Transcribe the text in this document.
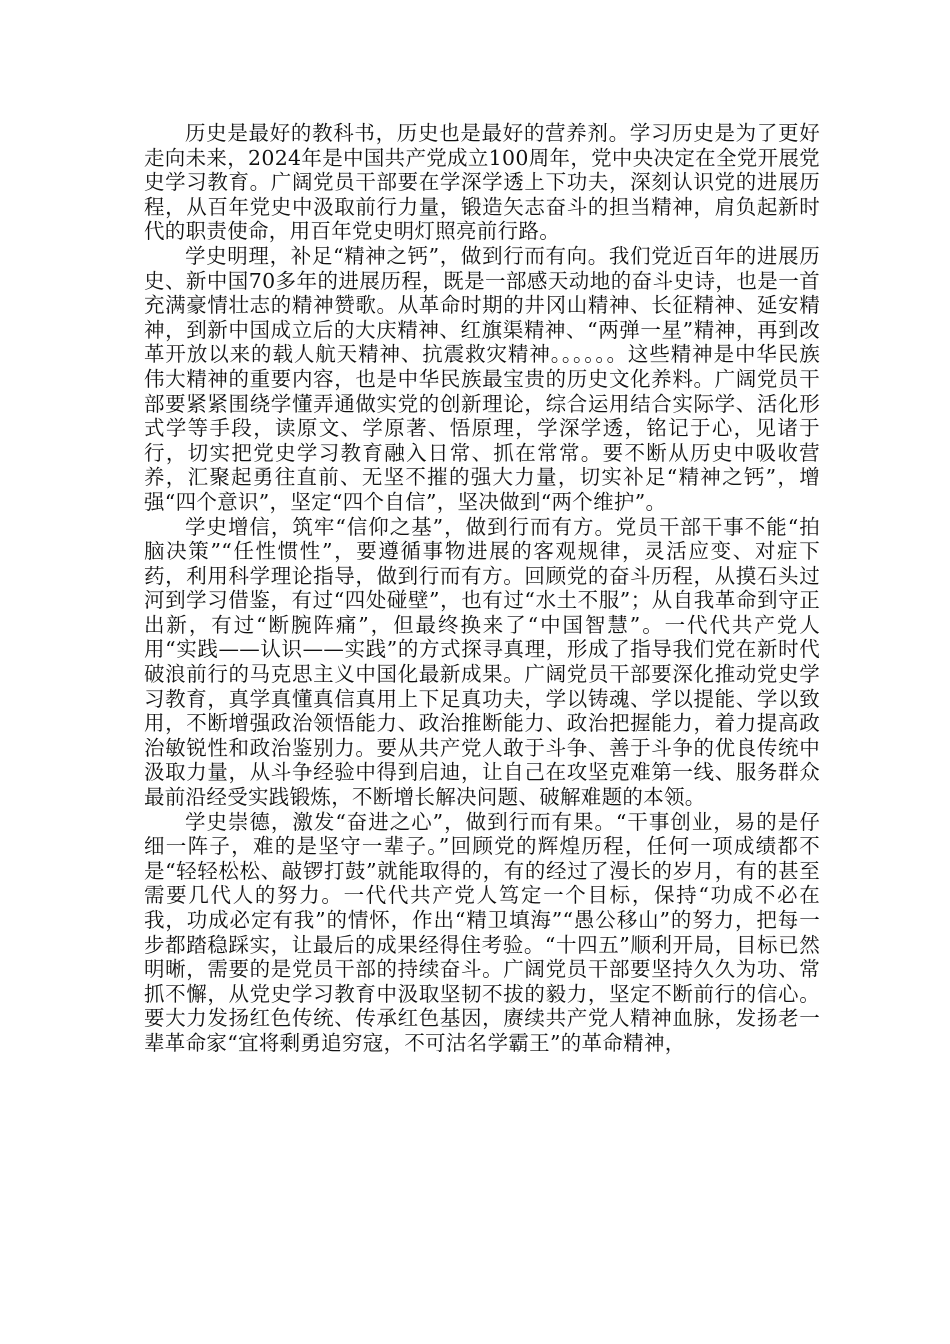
历史是最好的教科书，历史也是最好的营养剂。学习历史是为了更好走向未来，2024年是中国共产党成立100周年，党中央决定在全党开展党史学习教育。广阔党员干部要在学深学透上下功夫，深刻认识党的进展历程，从百年党史中汲取前行力量，锻造矢志奋斗的担当精神，肩负起新时代的职责使命，用百年党史明灯照亮前行路。

学史明理，补足“精神之钙”，做到行而有向。我们党近百年的进展历史、新中国70多年的进展历程，既是一部感天动地的奋斗史诗，也是一首充满豪情壮志的精神赞歌。从革命时期的井冈山精神、长征精神、延安精神，到新中国成立后的大庆精神、红旗渠精神、“两弹一星”精神，再到改革开放以来的载人航天精神、抗震救灾精神。。。。。。这些精神是中华民族伟大精神的重要内容，也是中华民族最宝贵的历史文化养料。广阔党员干部要紧紧围绕学懂弄通做实党的创新理论，综合运用结合实际学、活化形式学等手段，读原文、学原著、悟原理，学深学透，铭记于心，见诸于行，切实把党史学习教育融入日常、抓在常常。要不断从历史中吸收营养，汇聚起勇往直前、无坚不摧的强大力量，切实补足“精神之钙”，增强“四个意识”，坚定“四个自信”，坚决做到“两个维护”。

学史增信，筑牢“信仰之基”，做到行而有方。党员干部干事不能“拍脑决策”“任性惯性”，要遵循事物进展的客观规律，灵活应变、对症下药，利用科学理论指导，做到行而有方。回顾党的奋斗历程，从摸石头过河到学习借鉴，有过“四处碰壁”，也有过“水土不服”；从自我革命到守正出新，有过“断腕阵痛”，但最终换来了“中国智慧”。一代代共产党人用“实践——认识——实践”的方式探寻真理，形成了指导我们党在新时代破浪前行的马克思主义中国化最新成果。广阔党员干部要深化推动党史学习教育，真学真懂真信真用上下足真功夫，学以铸魂、学以提能、学以致用，不断增强政治领悟能力、政治推断能力、政治把握能力，着力提高政治敏锐性和政治鉴别力。要从共产党人敢于斗争、善于斗争的优良传统中汲取力量，从斗争经验中得到启迪，让自己在攻坚克难第一线、服务群众最前沿经受实践锻炼，不断增长解决问题、破解难题的本领。

学史崇德，激发“奋进之心”，做到行而有果。“干事创业，易的是仔细一阵子，难的是坚守一辈子。”回顾党的辉煌历程，任何一项成绩都不是“轻轻松松、敲锣打鼓”就能取得的，有的经过了漫长的岁月，有的甚至需要几代人的努力。一代代共产党人笃定一个目标，保持“功成不必在我，功成必定有我”的情怀，作出“精卫填海”“愚公移山”的努力，把每一步都踏稳踩实，让最后的成果经得住考验。“十四五”顺利开局，目标已然明晰，需要的是党员干部的持续奋斗。广阔党员干部要坚持久久为功、常抓不懈，从党史学习教育中汲取坚韧不拔的毅力，坚定不断前行的信心。要大力发扬红色传统、传承红色基因，赓续共产党人精神血脉，发扬老一辈革命家“宜将剩勇追穷寇，不可沽名学霸王”的革命精神，
